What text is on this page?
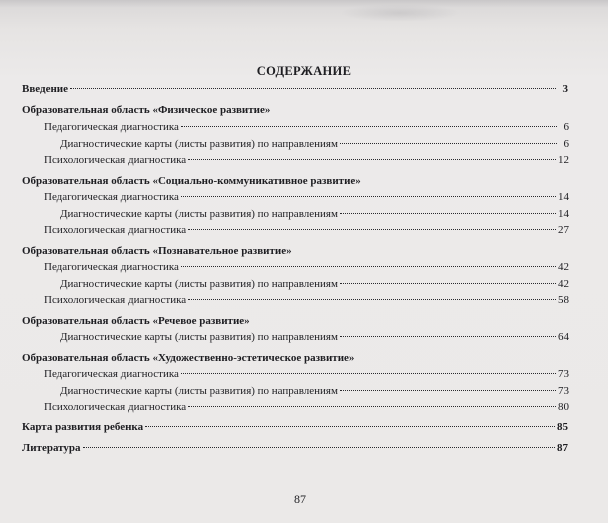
СОДЕРЖАНИЕ
Введение	3
Образовательная область «Физическое развитие»
Педагогическая диагностика	6
Диагностические карты (листы развития) по направлениям	6
Психологическая диагностика	12
Образовательная область «Социально-коммуникативное развитие»
Педагогическая диагностика	14
Диагностические карты (листы развития) по направлениям	14
Психологическая диагностика	27
Образовательная область «Познавательное развитие»
Педагогическая диагностика	42
Диагностические карты (листы развития) по направлениям	42
Психологическая диагностика	58
Образовательная область «Речевое развитие»
Диагностические карты (листы развития) по направлениям	64
Образовательная область «Художественно-эстетическое развитие»
Педагогическая диагностика	73
Диагностические карты (листы развития) по направлениям	73
Психологическая диагностика	80
Карта развития ребенка	85
Литература	87
87
